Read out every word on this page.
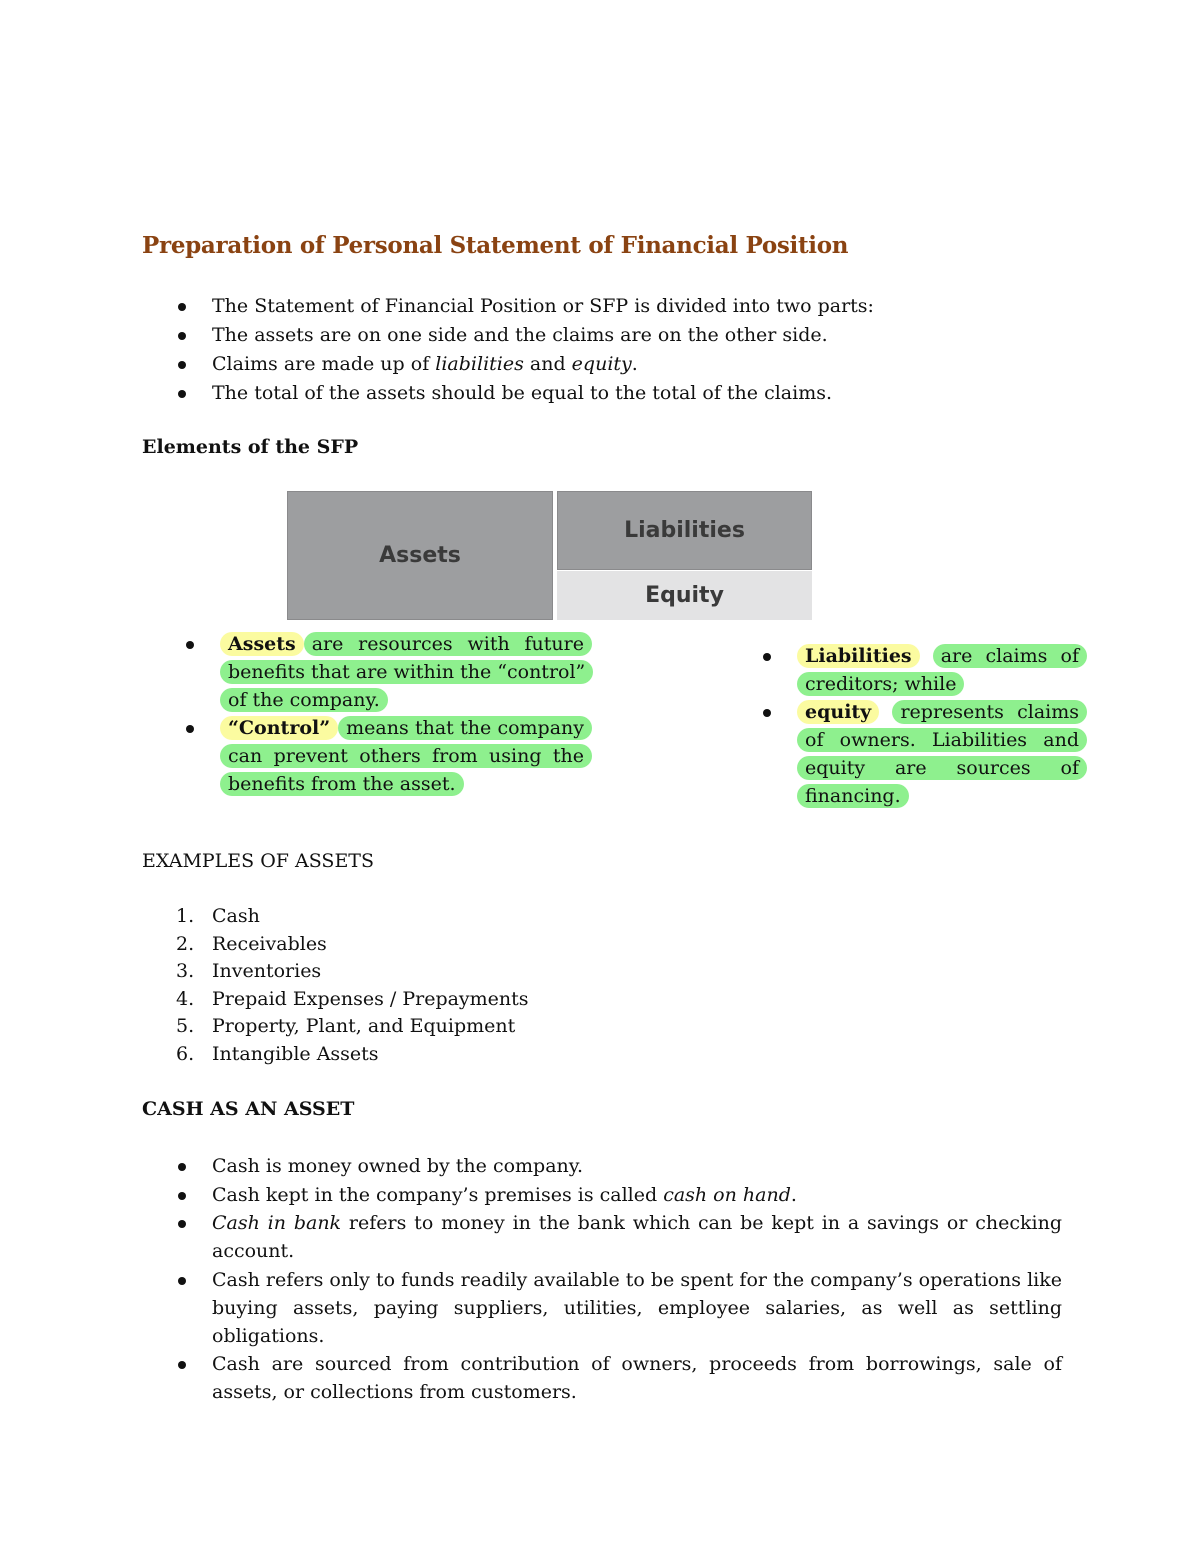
Preparation of Personal Statement of Financial Position
The Statement of Financial Position or SFP is divided into two parts:
The assets are on one side and the claims are on the other side.
Claims are made up of liabilities and equity.
The total of the assets should be equal to the total of the claims.
Elements of the SFP
Assets
Liabilities
Equity
Assets are resources with future benefits that are within the “control” of the company.
“Control” means that the company can prevent others from using the benefits from the asset.
Liabilities are claims of creditors; while
equity represents claims of owners. Liabilities and equity are sources of financing.
EXAMPLES OF ASSETS
1. Cash
2. Receivables
3. Inventories
4. Prepaid Expenses / Prepayments
5. Property, Plant, and Equipment
6. Intangible Assets
CASH AS AN ASSET
Cash is money owned by the company.
Cash kept in the company’s premises is called cash on hand.
Cash in bank refers to money in the bank which can be kept in a savings or checking account.
Cash refers only to funds readily available to be spent for the company’s operations like buying assets, paying suppliers, utilities, employee salaries, as well as settling obligations.
Cash are sourced from contribution of owners, proceeds from borrowings, sale of assets, or collections from customers.
